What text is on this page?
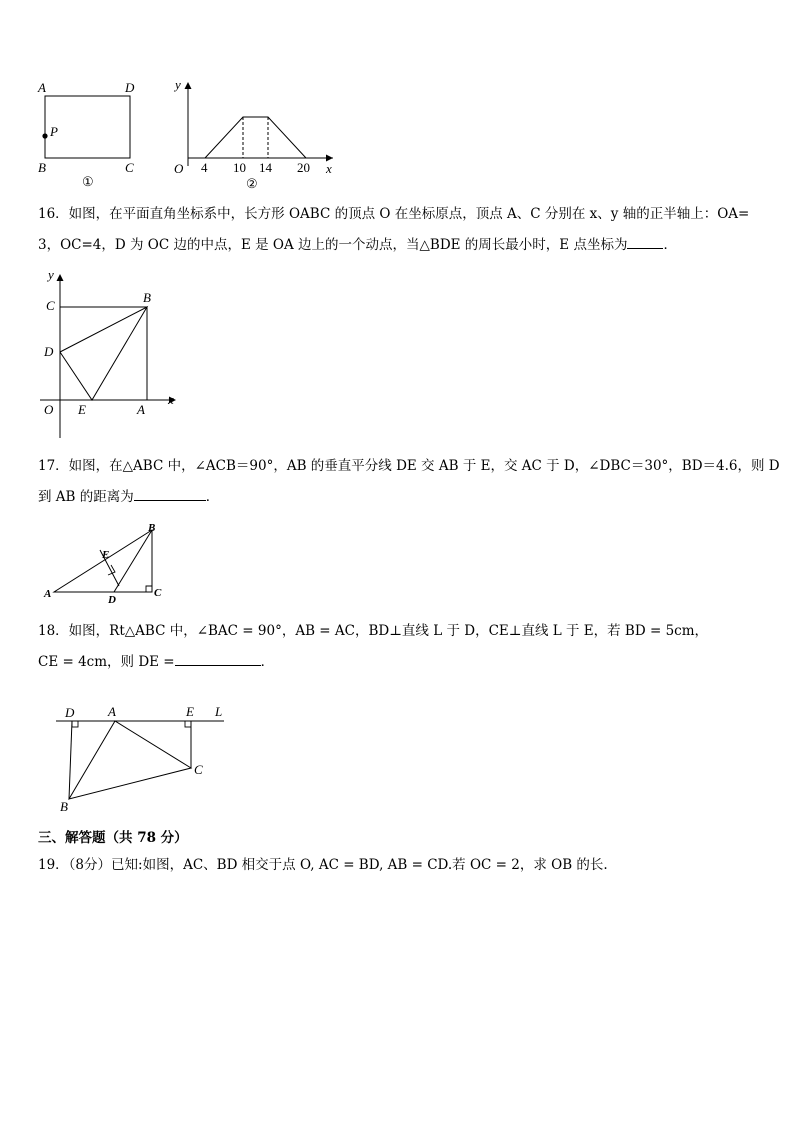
A	D
B	C
P
①
y
x
O 4 10 14 20
②
16．如图，在平面直角坐标系中，长方形 OABC 的顶点 O 在坐标原点，顶点 A、C 分别在 x、y 轴的正半轴上：OA=
3，OC=4，D 为 OC 边的中点，E 是 OA 边上的一个动点，当△BDE 的周长最小时，E 点坐标为	．
y
x
C
B
D
O E	A
17．如图，在△ABC 中，∠ACB＝90°，AB 的垂直平分线 DE 交 AB 于 E，交 AC 于 D，∠DBC＝30°，BD＝4.6，则 D
到 AB 的距离为	．
A
B
C
D
E
18．如图，Rt△ABC 中，∠BAC = 90°，AB = AC，BD⊥直线 L 于 D，CE⊥直线 L 于 E，若 BD = 5cm，
CE = 4cm，则 DE =	．
D	A	E L
C
B
三、解答题（共 78 分）
19．（8分）已知:如图，AC、BD 相交于点 O, AC = BD, AB = CD.若 OC = 2，求 OB 的长.
